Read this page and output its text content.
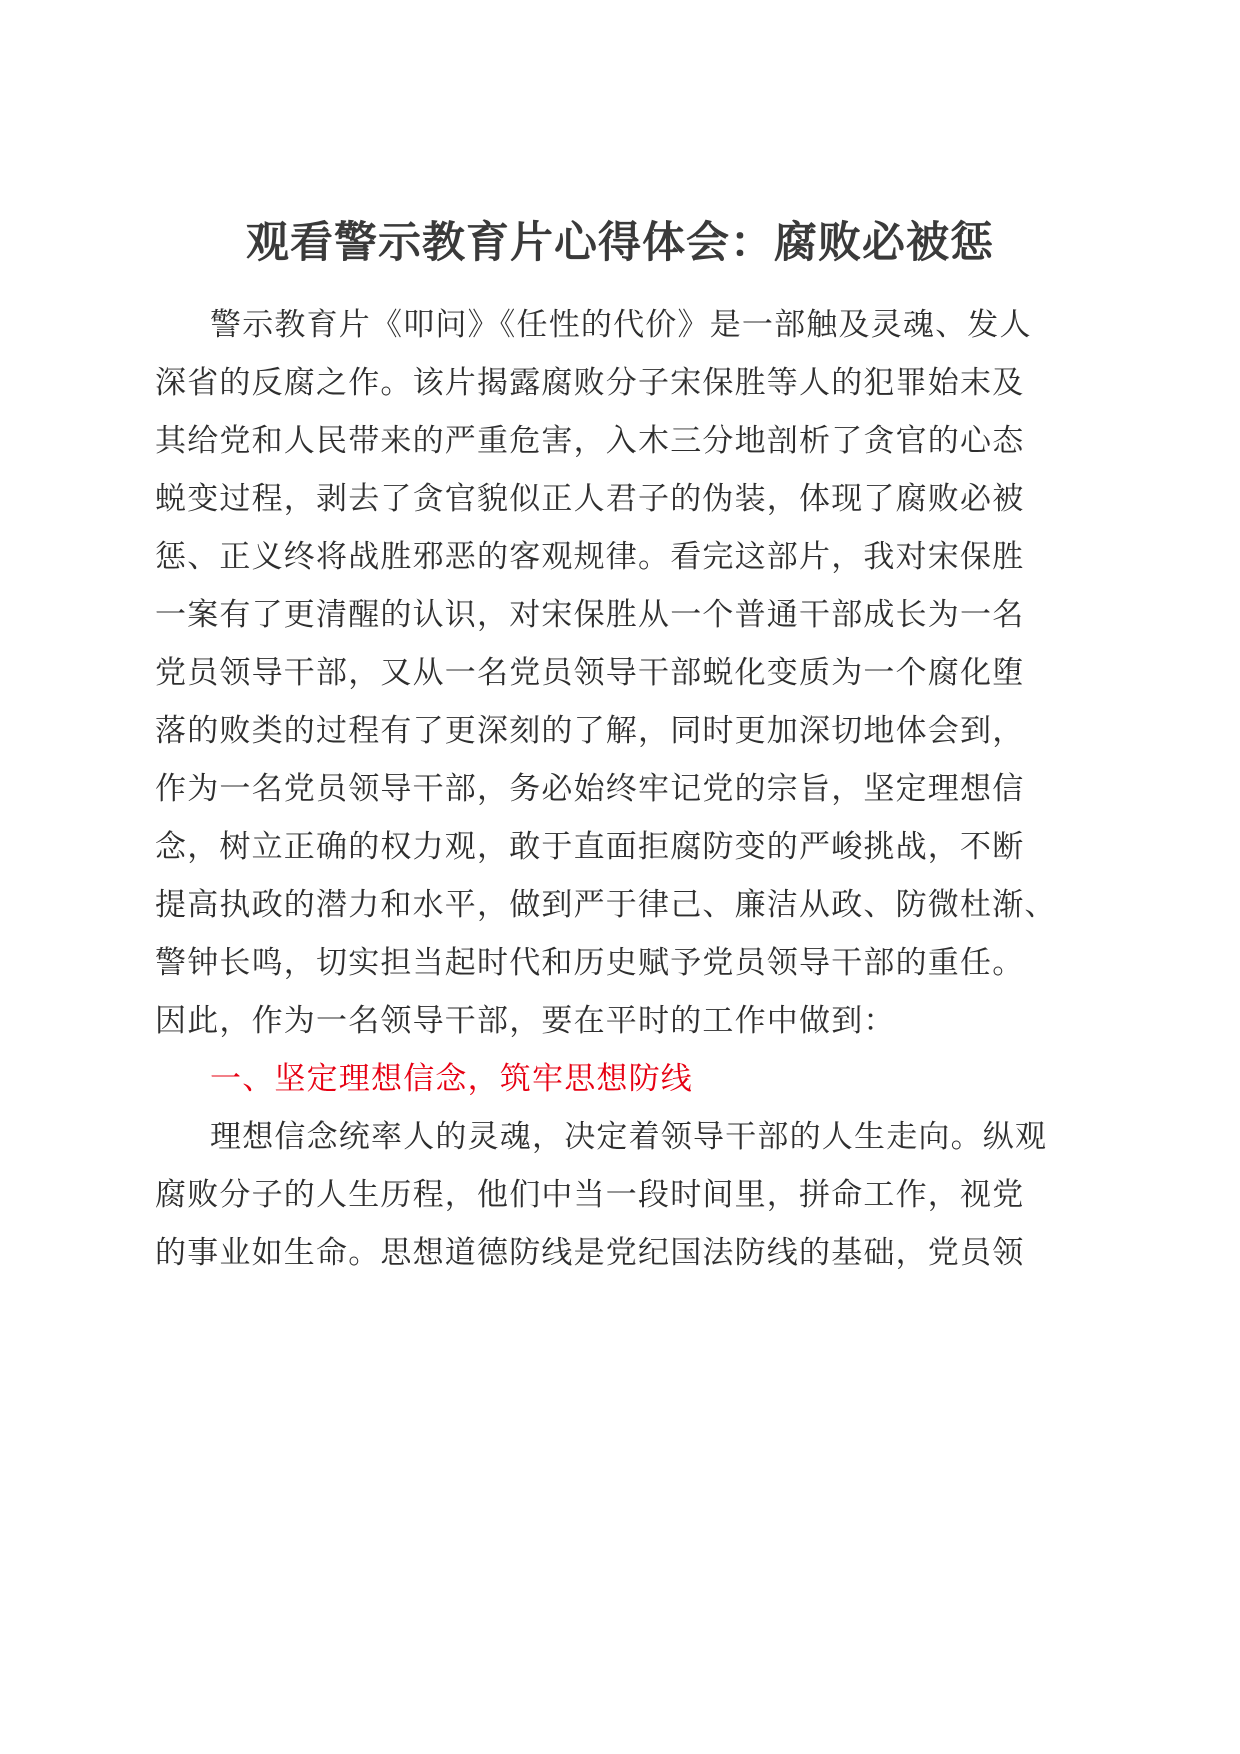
观看警示教育片心得体会：腐败必被惩
警示教育片《叩问》《任性的代价》是一部触及灵魂、发人
深省的反腐之作。该片揭露腐败分子宋保胜等人的犯罪始末及
其给党和人民带来的严重危害，入木三分地剖析了贪官的心态
蜕变过程，剥去了贪官貌似正人君子的伪装，体现了腐败必被
惩、正义终将战胜邪恶的客观规律。看完这部片，我对宋保胜
一案有了更清醒的认识，对宋保胜从一个普通干部成长为一名
党员领导干部，又从一名党员领导干部蜕化变质为一个腐化堕
落的败类的过程有了更深刻的了解，同时更加深切地体会到，
作为一名党员领导干部，务必始终牢记党的宗旨，坚定理想信
念，树立正确的权力观，敢于直面拒腐防变的严峻挑战，不断
提高执政的潜力和水平，做到严于律己、廉洁从政、防微杜渐、
警钟长鸣，切实担当起时代和历史赋予党员领导干部的重任。
因此，作为一名领导干部，要在平时的工作中做到：
一、坚定理想信念，筑牢思想防线
理想信念统率人的灵魂，决定着领导干部的人生走向。纵观
腐败分子的人生历程，他们中当一段时间里，拼命工作，视党
的事业如生命。思想道德防线是党纪国法防线的基础，党员领
